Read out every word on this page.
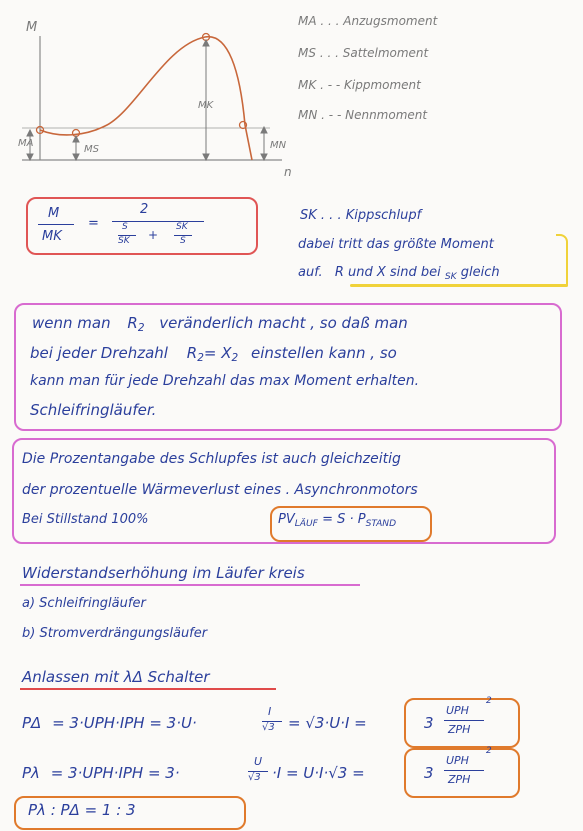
M
n
MA
MS
MK
MN
MA . . . Anzugsmoment
MS . . . Sattelmoment
MK . - - Kippmoment
MN . - - Nennmoment
M
MK
=
2
S
SK +
SK
S
SK . . . Kippschlupf
dabei tritt das größte Moment
auf. R und X sind bei $_{SK}$ gleich
wenn man $R_2$ veränderlich macht , so daß man
bei jeder Drehzahl $R_2= X_2$ einstellen kann , so
kann man für jede Drehzahl das max Moment erhalten.
Schleifringläufer.
Die Prozentangabe des Schlupfes ist auch gleichzeitig
der prozentuelle Wärmeverlust eines . Asynchronmotors
Bei Stillstand 100%	$PV_{LÄUF} = S \cdot P_{STAND}$
Widerstandserhöhung im Läufer kreis
a) Schleifringläufer
b) Stromverdrängungsläufer
Anlassen mit λΔ Schalter
PΔ = 3·UPH·IPH = 3·U·
I
√3 = √3·U·I =	3
UPH
2
ZPH
Pλ = 3·UPH·IPH = 3·
U
√3 ·I = U·I·√3 =	3
UPH
2
ZPH
Pλ : PΔ = 1 : 3
